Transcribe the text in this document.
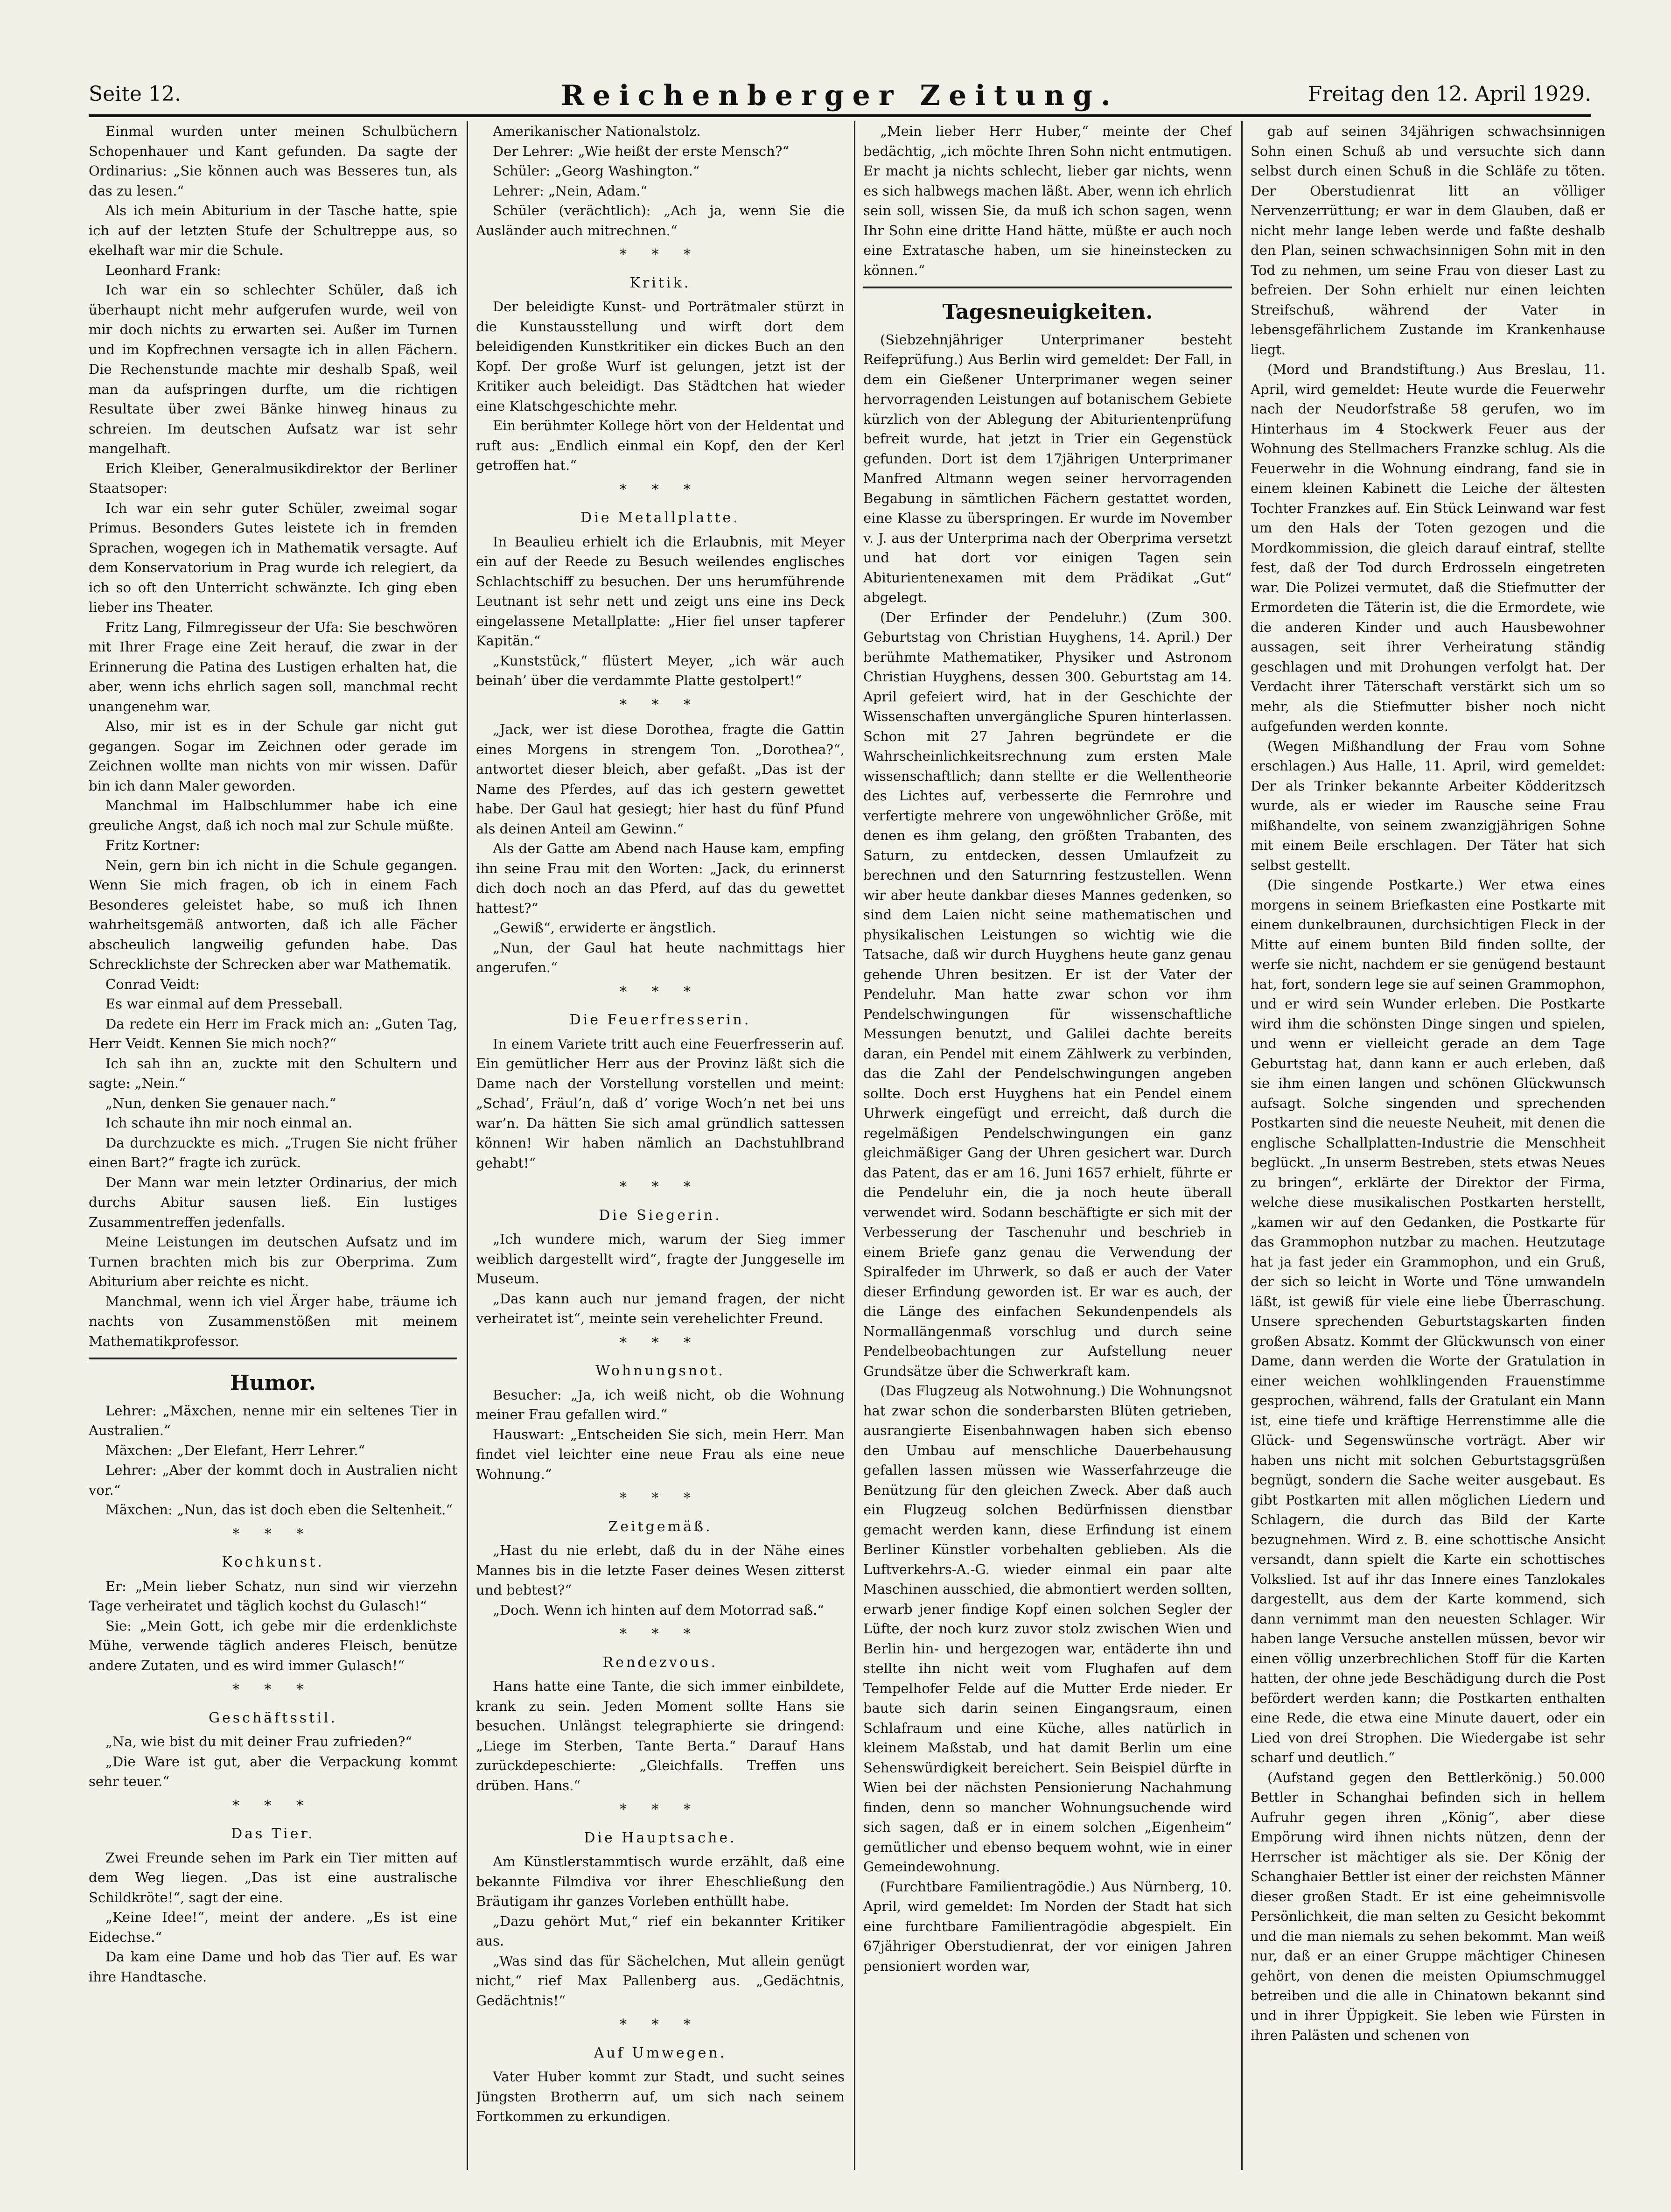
Seite 12.	Reichenberger Zeitung.	Freitag den 12. April 1929.

Einmal wurden unter meinen Schulbüchern Schopenhauer und Kant gefunden. Da sagte der Ordinarius: „Sie können auch was Besseres tun, als das zu lesen.“

Als ich mein Abiturium in der Tasche hatte, spie ich auf der letzten Stufe der Schultreppe aus, so ekelhaft war mir die Schule.

Leonhard Frank:

Ich war ein so schlechter Schüler, daß ich überhaupt nicht mehr aufgerufen wurde, weil von mir doch nichts zu erwarten sei. Außer im Turnen und im Kopfrechnen versagte ich in allen Fächern. Die Rechenstunde machte mir deshalb Spaß, weil man da aufspringen durfte, um die richtigen Resultate über zwei Bänke hinweg hinaus zu schreien. Im deutschen Aufsatz war ist sehr mangelhaft.

Erich Kleiber, Generalmusikdirektor der Berliner Staatsoper:

Ich war ein sehr guter Schüler, zweimal sogar Primus. Besonders Gutes leistete ich in fremden Sprachen, wogegen ich in Mathematik versagte. Auf dem Konservatorium in Prag wurde ich relegiert, da ich so oft den Unterricht schwänzte. Ich ging eben lieber ins Theater.

Fritz Lang, Filmregisseur der Ufa: Sie beschwören mit Ihrer Frage eine Zeit herauf, die zwar in der Erinnerung die Patina des Lustigen erhalten hat, die aber, wenn ichs ehrlich sagen soll, manchmal recht unangenehm war.

Also, mir ist es in der Schule gar nicht gut gegangen. Sogar im Zeichnen oder gerade im Zeichnen wollte man nichts von mir wissen. Dafür bin ich dann Maler geworden.

Manchmal im Halbschlummer habe ich eine greuliche Angst, daß ich noch mal zur Schule müßte.

Fritz Kortner:

Nein, gern bin ich nicht in die Schule gegangen. Wenn Sie mich fragen, ob ich in einem Fach Besonderes geleistet habe, so muß ich Ihnen wahrheitsgemäß antworten, daß ich alle Fächer abscheulich langweilig gefunden habe. Das Schrecklichste der Schrecken aber war Mathematik.

Conrad Veidt:

Es war einmal auf dem Presseball.

Da redete ein Herr im Frack mich an: „Guten Tag, Herr Veidt. Kennen Sie mich noch?“

Ich sah ihn an, zuckte mit den Schultern und sagte: „Nein.“

„Nun, denken Sie genauer nach.“

Ich schaute ihn mir noch einmal an.

Da durchzuckte es mich. „Trugen Sie nicht früher einen Bart?“ fragte ich zurück.

Der Mann war mein letzter Ordinarius, der mich durchs Abitur sausen ließ. Ein lustiges Zusammentreffen jedenfalls.

Meine Leistungen im deutschen Aufsatz und im Turnen brachten mich bis zur Oberprima. Zum Abiturium aber reichte es nicht.

Manchmal, wenn ich viel Ärger habe, träume ich nachts von Zusammenstößen mit meinem Mathematikprofessor.

Humor.

Lehrer: „Mäxchen, nenne mir ein seltenes Tier in Australien.“

Mäxchen: „Der Elefant, Herr Lehrer.“

Lehrer: „Aber der kommt doch in Australien nicht vor.“

Mäxchen: „Nun, das ist doch eben die Seltenheit.“

* * *

Kochkunst.

Er: „Mein lieber Schatz, nun sind wir vierzehn Tage verheiratet und täglich kochst du Gulasch!“

Sie: „Mein Gott, ich gebe mir die erdenklichste Mühe, verwende täglich anderes Fleisch, benütze andere Zutaten, und es wird immer Gulasch!“

* * *

Geschäftsstil.

„Na, wie bist du mit deiner Frau zufrieden?“

„Die Ware ist gut, aber die Verpackung kommt sehr teuer.“

* * *

Das Tier.

Zwei Freunde sehen im Park ein Tier mitten auf dem Weg liegen. „Das ist eine australische Schildkröte!“, sagt der eine.

„Keine Idee!“, meint der andere. „Es ist eine Eidechse.“

Da kam eine Dame und hob das Tier auf. Es war ihre Handtasche.

Amerikanischer Nationalstolz.

Der Lehrer: „Wie heißt der erste Mensch?“

Schüler: „Georg Washington.“

Lehrer: „Nein, Adam.“

Schüler (verächtlich): „Ach ja, wenn Sie die Ausländer auch mitrechnen.“

* * *

Kritik.

Der beleidigte Kunst- und Porträtmaler stürzt in die Kunstausstellung und wirft dort dem beleidigenden Kunstkritiker ein dickes Buch an den Kopf. Der große Wurf ist gelungen, jetzt ist der Kritiker auch beleidigt. Das Städtchen hat wieder eine Klatschgeschichte mehr.

Ein berühmter Kollege hört von der Heldentat und ruft aus: „Endlich einmal ein Kopf, den der Kerl getroffen hat.“

* * *

Die Metallplatte.

In Beaulieu erhielt ich die Erlaubnis, mit Meyer ein auf der Reede zu Besuch weilendes englisches Schlachtschiff zu besuchen. Der uns herumführende Leutnant ist sehr nett und zeigt uns eine ins Deck eingelassene Metallplatte: „Hier fiel unser tapferer Kapitän.“

„Kunststück,“ flüstert Meyer, „ich wär auch beinah’ über die verdammte Platte gestolpert!“

* * *

„Jack, wer ist diese Dorothea, fragte die Gattin eines Morgens in strengem Ton. „Dorothea?“, antwortet dieser bleich, aber gefaßt. „Das ist der Name des Pferdes, auf das ich gestern gewettet habe. Der Gaul hat gesiegt; hier hast du fünf Pfund als deinen Anteil am Gewinn.“

Als der Gatte am Abend nach Hause kam, empfing ihn seine Frau mit den Worten: „Jack, du erinnerst dich doch noch an das Pferd, auf das du gewettet hattest?“

„Gewiß“, erwiderte er ängstlich.

„Nun, der Gaul hat heute nachmittags hier angerufen.“

* * *

Die Feuerfresserin.

In einem Variete tritt auch eine Feuerfresserin auf. Ein gemütlicher Herr aus der Provinz läßt sich die Dame nach der Vorstellung vorstellen und meint: „Schad’, Fräul’n, daß d’ vorige Woch’n net bei uns war’n. Da hätten Sie sich amal gründlich sattessen können! Wir haben nämlich an Dachstuhlbrand gehabt!“

* * *

Die Siegerin.

„Ich wundere mich, warum der Sieg immer weiblich dargestellt wird“, fragte der Junggeselle im Museum.

„Das kann auch nur jemand fragen, der nicht verheiratet ist“, meinte sein verehelichter Freund.

* * *

Wohnungsnot.

Besucher: „Ja, ich weiß nicht, ob die Wohnung meiner Frau gefallen wird.“

Hauswart: „Entscheiden Sie sich, mein Herr. Man findet viel leichter eine neue Frau als eine neue Wohnung.“

* * *

Zeitgemäß.

„Hast du nie erlebt, daß du in der Nähe eines Mannes bis in die letzte Faser deines Wesen zitterst und bebtest?“

„Doch. Wenn ich hinten auf dem Motorrad saß.“

* * *

Rendezvous.

Hans hatte eine Tante, die sich immer einbildete, krank zu sein. Jeden Moment sollte Hans sie besuchen. Unlängst telegraphierte sie dringend: „Liege im Sterben, Tante Berta.“ Darauf Hans zurückdepeschierte: „Gleichfalls. Treffen uns drüben. Hans.“

* * *

Die Hauptsache.

Am Künstlerstammtisch wurde erzählt, daß eine bekannte Filmdiva vor ihrer Eheschließung den Bräutigam ihr ganzes Vorleben enthüllt habe.

„Dazu gehört Mut,“ rief ein bekannter Kritiker aus.

„Was sind das für Sächelchen, Mut allein genügt nicht,“ rief Max Pallenberg aus. „Gedächtnis, Gedächtnis!“

* * *

Auf Umwegen.

Vater Huber kommt zur Stadt, und sucht seines Jüngsten Brotherrn auf, um sich nach seinem Fortkommen zu erkundigen.

„Mein lieber Herr Huber,“ meinte der Chef bedächtig, „ich möchte Ihren Sohn nicht entmutigen. Er macht ja nichts schlecht, lieber gar nichts, wenn es sich halbwegs machen läßt. Aber, wenn ich ehrlich sein soll, wissen Sie, da muß ich schon sagen, wenn Ihr Sohn eine dritte Hand hätte, müßte er auch noch eine Extratasche haben, um sie hineinstecken zu können.“

Tagesneuigkeiten.

(Siebzehnjähriger Unterprimaner besteht Reifeprüfung.) Aus Berlin wird gemeldet: Der Fall, in dem ein Gießener Unterprimaner wegen seiner hervorragenden Leistungen auf botanischem Gebiete kürzlich von der Ablegung der Abiturientenprüfung befreit wurde, hat jetzt in Trier ein Gegenstück gefunden. Dort ist dem 17jährigen Unterprimaner Manfred Altmann wegen seiner hervorragenden Begabung in sämtlichen Fächern gestattet worden, eine Klasse zu überspringen. Er wurde im November v. J. aus der Unterprima nach der Oberprima versetzt und hat dort vor einigen Tagen sein Abiturientenexamen mit dem Prädikat „Gut“ abgelegt.

(Der Erfinder der Pendeluhr.) (Zum 300. Geburtstag von Christian Huyghens, 14. April.) Der berühmte Mathematiker, Physiker und Astronom Christian Huyghens, dessen 300. Geburtstag am 14. April gefeiert wird, hat in der Geschichte der Wissenschaften unvergängliche Spuren hinterlassen. Schon mit 27 Jahren begründete er die Wahrscheinlichkeitsrechnung zum ersten Male wissenschaftlich; dann stellte er die Wellentheorie des Lichtes auf, verbesserte die Fernrohre und verfertigte mehrere von ungewöhnlicher Größe, mit denen es ihm gelang, den größten Trabanten, des Saturn, zu entdecken, dessen Umlaufzeit zu berechnen und den Saturnring festzustellen. Wenn wir aber heute dankbar dieses Mannes gedenken, so sind dem Laien nicht seine mathematischen und physikalischen Leistungen so wichtig wie die Tatsache, daß wir durch Huyghens heute ganz genau gehende Uhren besitzen. Er ist der Vater der Pendeluhr. Man hatte zwar schon vor ihm Pendelschwingungen für wissenschaftliche Messungen benutzt, und Galilei dachte bereits daran, ein Pendel mit einem Zählwerk zu verbinden, das die Zahl der Pendelschwingungen angeben sollte. Doch erst Huyghens hat ein Pendel einem Uhrwerk eingefügt und erreicht, daß durch die regelmäßigen Pendelschwingungen ein ganz gleichmäßiger Gang der Uhren gesichert war. Durch das Patent, das er am 16. Juni 1657 erhielt, führte er die Pendeluhr ein, die ja noch heute überall verwendet wird. Sodann beschäftigte er sich mit der Verbesserung der Taschenuhr und beschrieb in einem Briefe ganz genau die Verwendung der Spiralfeder im Uhrwerk, so daß er auch der Vater dieser Erfindung geworden ist. Er war es auch, der die Länge des einfachen Sekundenpendels als Normallängenmaß vorschlug und durch seine Pendelbeobachtungen zur Aufstellung neuer Grundsätze über die Schwerkraft kam.

(Das Flugzeug als Notwohnung.) Die Wohnungsnot hat zwar schon die sonderbarsten Blüten getrieben, ausrangierte Eisenbahnwagen haben sich ebenso den Umbau auf menschliche Dauerbehausung gefallen lassen müssen wie Wasserfahrzeuge die Benützung für den gleichen Zweck. Aber daß auch ein Flugzeug solchen Bedürfnissen dienstbar gemacht werden kann, diese Erfindung ist einem Berliner Künstler vorbehalten geblieben. Als die Luftverkehrs-A.-G. wieder einmal ein paar alte Maschinen ausschied, die abmontiert werden sollten, erwarb jener findige Kopf einen solchen Segler der Lüfte, der noch kurz zuvor stolz zwischen Wien und Berlin hin- und hergezogen war, entäderte ihn und stellte ihn nicht weit vom Flughafen auf dem Tempelhofer Felde auf die Mutter Erde nieder. Er baute sich darin seinen Eingangsraum, einen Schlafraum und eine Küche, alles natürlich in kleinem Maßstab, und hat damit Berlin um eine Sehenswürdigkeit bereichert. Sein Beispiel dürfte in Wien bei der nächsten Pensionierung Nachahmung finden, denn so mancher Wohnungsuchende wird sich sagen, daß er in einem solchen „Eigenheim“ gemütlicher und ebenso bequem wohnt, wie in einer Gemeindewohnung.

(Furchtbare Familientragödie.) Aus Nürnberg, 10. April, wird gemeldet: Im Norden der Stadt hat sich eine furchtbare Familientragödie abgespielt. Ein 67jähriger Oberstudienrat, der vor einigen Jahren pensioniert worden war,

gab auf seinen 34jährigen schwachsinnigen Sohn einen Schuß ab und versuchte sich dann selbst durch einen Schuß in die Schläfe zu töten. Der Oberstudienrat litt an völliger Nervenzerrüttung; er war in dem Glauben, daß er nicht mehr lange leben werde und faßte deshalb den Plan, seinen schwachsinnigen Sohn mit in den Tod zu nehmen, um seine Frau von dieser Last zu befreien. Der Sohn erhielt nur einen leichten Streifschuß, während der Vater in lebensgefährlichem Zustande im Krankenhause liegt.

(Mord und Brandstiftung.) Aus Breslau, 11. April, wird gemeldet: Heute wurde die Feuerwehr nach der Neudorfstraße 58 gerufen, wo im Hinterhaus im 4 Stockwerk Feuer aus der Wohnung des Stellmachers Franzke schlug. Als die Feuerwehr in die Wohnung eindrang, fand sie in einem kleinen Kabinett die Leiche der ältesten Tochter Franzkes auf. Ein Stück Leinwand war fest um den Hals der Toten gezogen und die Mordkommission, die gleich darauf eintraf, stellte fest, daß der Tod durch Erdrosseln eingetreten war. Die Polizei vermutet, daß die Stiefmutter der Ermordeten die Täterin ist, die die Ermordete, wie die anderen Kinder und auch Hausbewohner aussagen, seit ihrer Verheiratung ständig geschlagen und mit Drohungen verfolgt hat. Der Verdacht ihrer Täterschaft verstärkt sich um so mehr, als die Stiefmutter bisher noch nicht aufgefunden werden konnte.

(Wegen Mißhandlung der Frau vom Sohne erschlagen.) Aus Halle, 11. April, wird gemeldet: Der als Trinker bekannte Arbeiter Ködderitzsch wurde, als er wieder im Rausche seine Frau mißhandelte, von seinem zwanzigjährigen Sohne mit einem Beile erschlagen. Der Täter hat sich selbst gestellt.

(Die singende Postkarte.) Wer etwa eines morgens in seinem Briefkasten eine Postkarte mit einem dunkelbraunen, durchsichtigen Fleck in der Mitte auf einem bunten Bild finden sollte, der werfe sie nicht, nachdem er sie genügend bestaunt hat, fort, sondern lege sie auf seinen Grammophon, und er wird sein Wunder erleben. Die Postkarte wird ihm die schönsten Dinge singen und spielen, und wenn er vielleicht gerade an dem Tage Geburtstag hat, dann kann er auch erleben, daß sie ihm einen langen und schönen Glückwunsch aufsagt. Solche singenden und sprechenden Postkarten sind die neueste Neuheit, mit denen die englische Schallplatten-Industrie die Menschheit beglückt. „In unserm Bestreben, stets etwas Neues zu bringen“, erklärte der Direktor der Firma, welche diese musikalischen Postkarten herstellt, „kamen wir auf den Gedanken, die Postkarte für das Grammophon nutzbar zu machen. Heutzutage hat ja fast jeder ein Grammophon, und ein Gruß, der sich so leicht in Worte und Töne umwandeln läßt, ist gewiß für viele eine liebe Überraschung. Unsere sprechenden Geburtstagskarten finden großen Absatz. Kommt der Glückwunsch von einer Dame, dann werden die Worte der Gratulation in einer weichen wohlklingenden Frauenstimme gesprochen, während, falls der Gratulant ein Mann ist, eine tiefe und kräftige Herrenstimme alle die Glück- und Segenswünsche vorträgt. Aber wir haben uns nicht mit solchen Geburtstagsgrüßen begnügt, sondern die Sache weiter ausgebaut. Es gibt Postkarten mit allen möglichen Liedern und Schlagern, die durch das Bild der Karte bezugnehmen. Wird z. B. eine schottische Ansicht versandt, dann spielt die Karte ein schottisches Volkslied. Ist auf ihr das Innere eines Tanzlokales dargestellt, aus dem der Karte kommend, sich dann vernimmt man den neuesten Schlager. Wir haben lange Versuche anstellen müssen, bevor wir einen völlig unzerbrechlichen Stoff für die Karten hatten, der ohne jede Beschädigung durch die Post befördert werden kann; die Postkarten enthalten eine Rede, die etwa eine Minute dauert, oder ein Lied von drei Strophen. Die Wiedergabe ist sehr scharf und deutlich.“

(Aufstand gegen den Bettlerkönig.) 50.000 Bettler in Schanghai befinden sich in hellem Aufruhr gegen ihren „König“, aber diese Empörung wird ihnen nichts nützen, denn der Herrscher ist mächtiger als sie. Der König der Schanghaier Bettler ist einer der reichsten Männer dieser großen Stadt. Er ist eine geheimnisvolle Persönlichkeit, die man selten zu Gesicht bekommt und die man niemals zu sehen bekommt. Man weiß nur, daß er an einer Gruppe mächtiger Chinesen gehört, von denen die meisten Opiumschmuggel betreiben und die alle in Chinatown bekannt sind und in ihrer Üppigkeit. Sie leben wie Fürsten in ihren Palästen und schenen von
